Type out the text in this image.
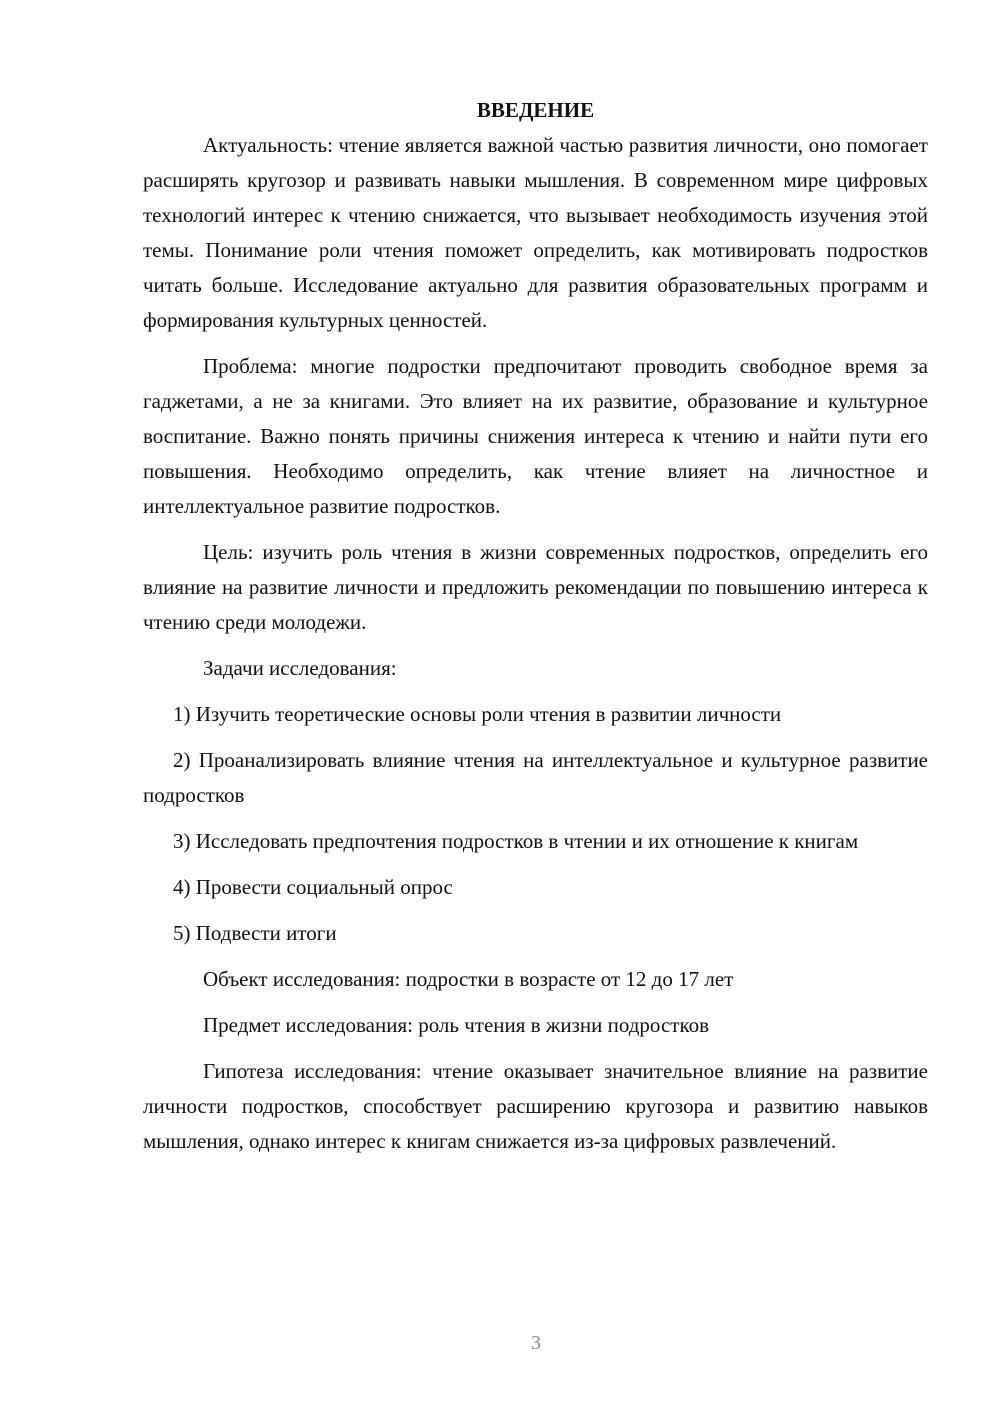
ВВЕДЕНИЕ

Актуальность: чтение является важной частью развития личности, оно помогает расширять кругозор и развивать навыки мышления. В современном мире цифровых технологий интерес к чтению снижается, что вызывает необходимость изучения этой темы. Понимание роли чтения поможет определить, как мотивировать подростков читать больше. Исследование актуально для развития образовательных программ и формирования культурных ценностей.

Проблема: многие подростки предпочитают проводить свободное время за гаджетами, а не за книгами. Это влияет на их развитие, образование и культурное воспитание. Важно понять причины снижения интереса к чтению и найти пути его повышения. Необходимо определить, как чтение влияет на личностное и интеллектуальное развитие подростков.

Цель: изучить роль чтения в жизни современных подростков, определить его влияние на развитие личности и предложить рекомендации по повышению интереса к чтению среди молодежи.

Задачи исследования:

1) Изучить теоретические основы роли чтения в развитии личности

2) Проанализировать влияние чтения на интеллектуальное и культурное развитие подростков

3) Исследовать предпочтения подростков в чтении и их отношение к книгам

4) Провести социальный опрос

5) Подвести итоги

Объект исследования: подростки в возрасте от 12 до 17 лет

Предмет исследования: роль чтения в жизни подростков

Гипотеза исследования: чтение оказывает значительное влияние на развитие личности подростков, способствует расширению кругозора и развитию навыков мышления, однако интерес к книгам снижается из-за цифровых развлечений.

3
